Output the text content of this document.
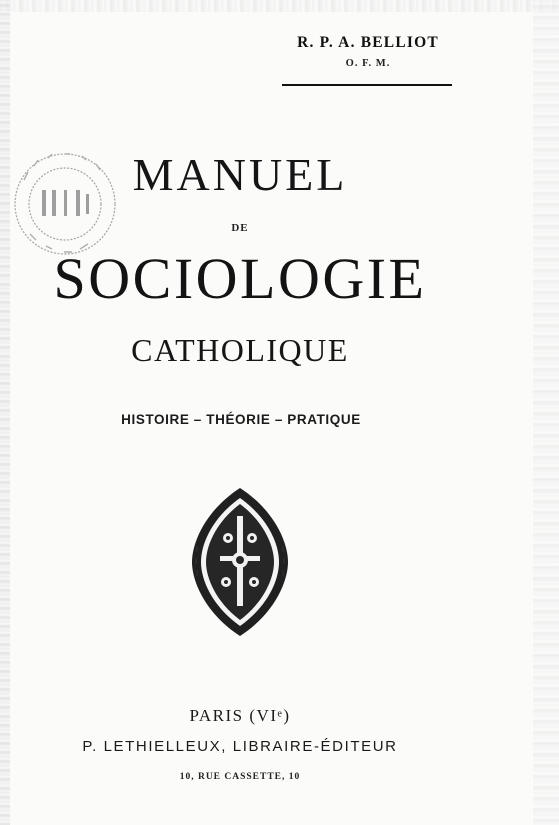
R. P. A. BELLIOT
O. F. M.
MANUEL
DE
SOCIOLOGIE
CATHOLIQUE
HISTOIRE – THÉORIE – PRATIQUE
PARIS (VIᵉ)
P. LETHIELLEUX, LIBRAIRE-ÉDITEUR
10, RUE CASSETTE, 10
